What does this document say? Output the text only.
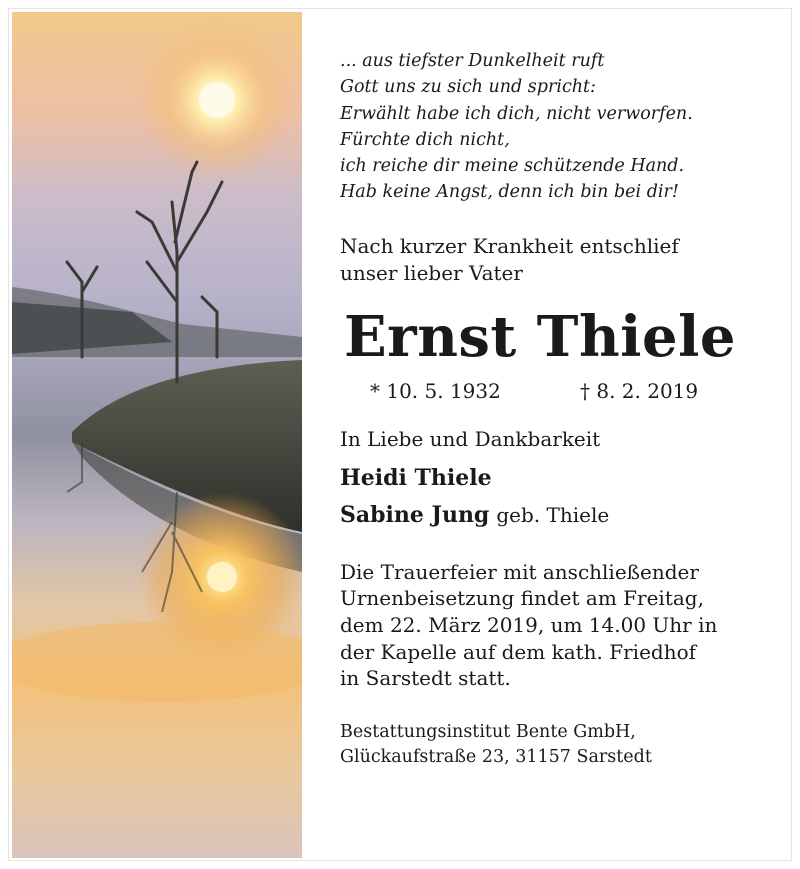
... aus tiefster Dunkelheit ruft
Gott uns zu sich und spricht:
Erwählt habe ich dich, nicht verworfen.
Fürchte dich nicht,
ich reiche dir meine schützende Hand.
Hab keine Angst, denn ich bin bei dir!
Nach kurzer Krankheit entschlief
unser lieber Vater
Ernst Thiele
* 10. 5. 1932	† 8. 2. 2019
In Liebe und Dankbarkeit
Heidi Thiele
Sabine Jung geb. Thiele
Die Trauerfeier mit anschließender
Urnenbeisetzung findet am Freitag,
dem 22. März 2019, um 14.00 Uhr in
der Kapelle auf dem kath. Friedhof
in Sarstedt statt.
Bestattungsinstitut Bente GmbH,
Glückaufstraße 23, 31157 Sarstedt
